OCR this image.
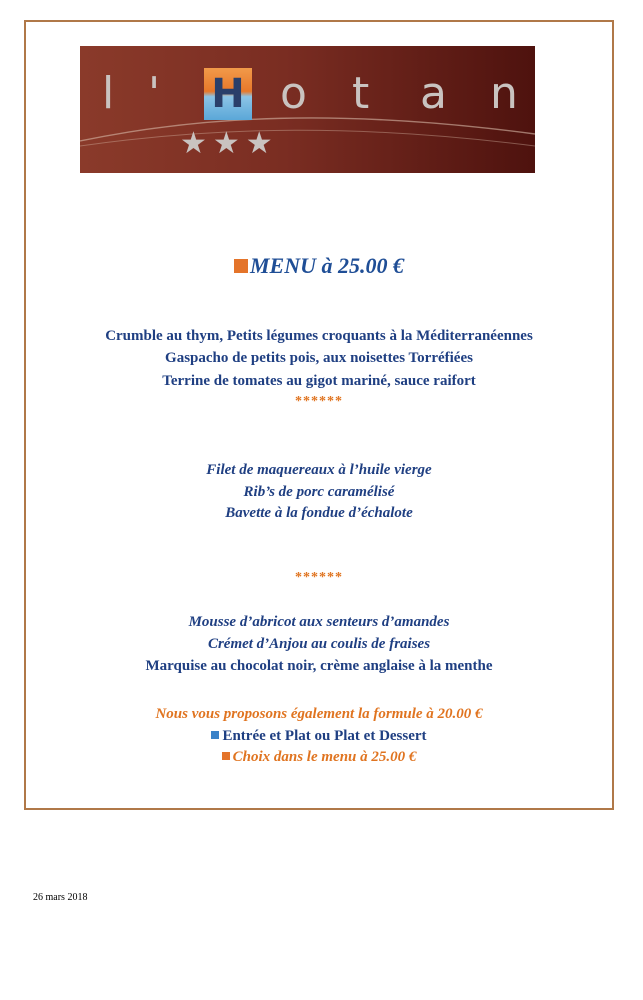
l '	o t a n
H
★★★
MENU à 25.00 €
Crumble au thym, Petits légumes croquants à la Méditerranéennes
Gaspacho de petits pois, aux noisettes Torréfiées
Terrine de tomates au gigot mariné, sauce raifort
******
Filet de maquereaux à l’huile vierge
Rib’s de porc caramélisé
Bavette à la fondue d’échalote
******
Mousse d’abricot aux senteurs d’amandes
Crémet d’Anjou au coulis de fraises
Marquise au chocolat noir, crème anglaise à la menthe
Nous vous proposons également la formule à 20.00 €
Entrée et Plat ou Plat et Dessert
Choix dans le menu à 25.00 €
26 mars 2018
